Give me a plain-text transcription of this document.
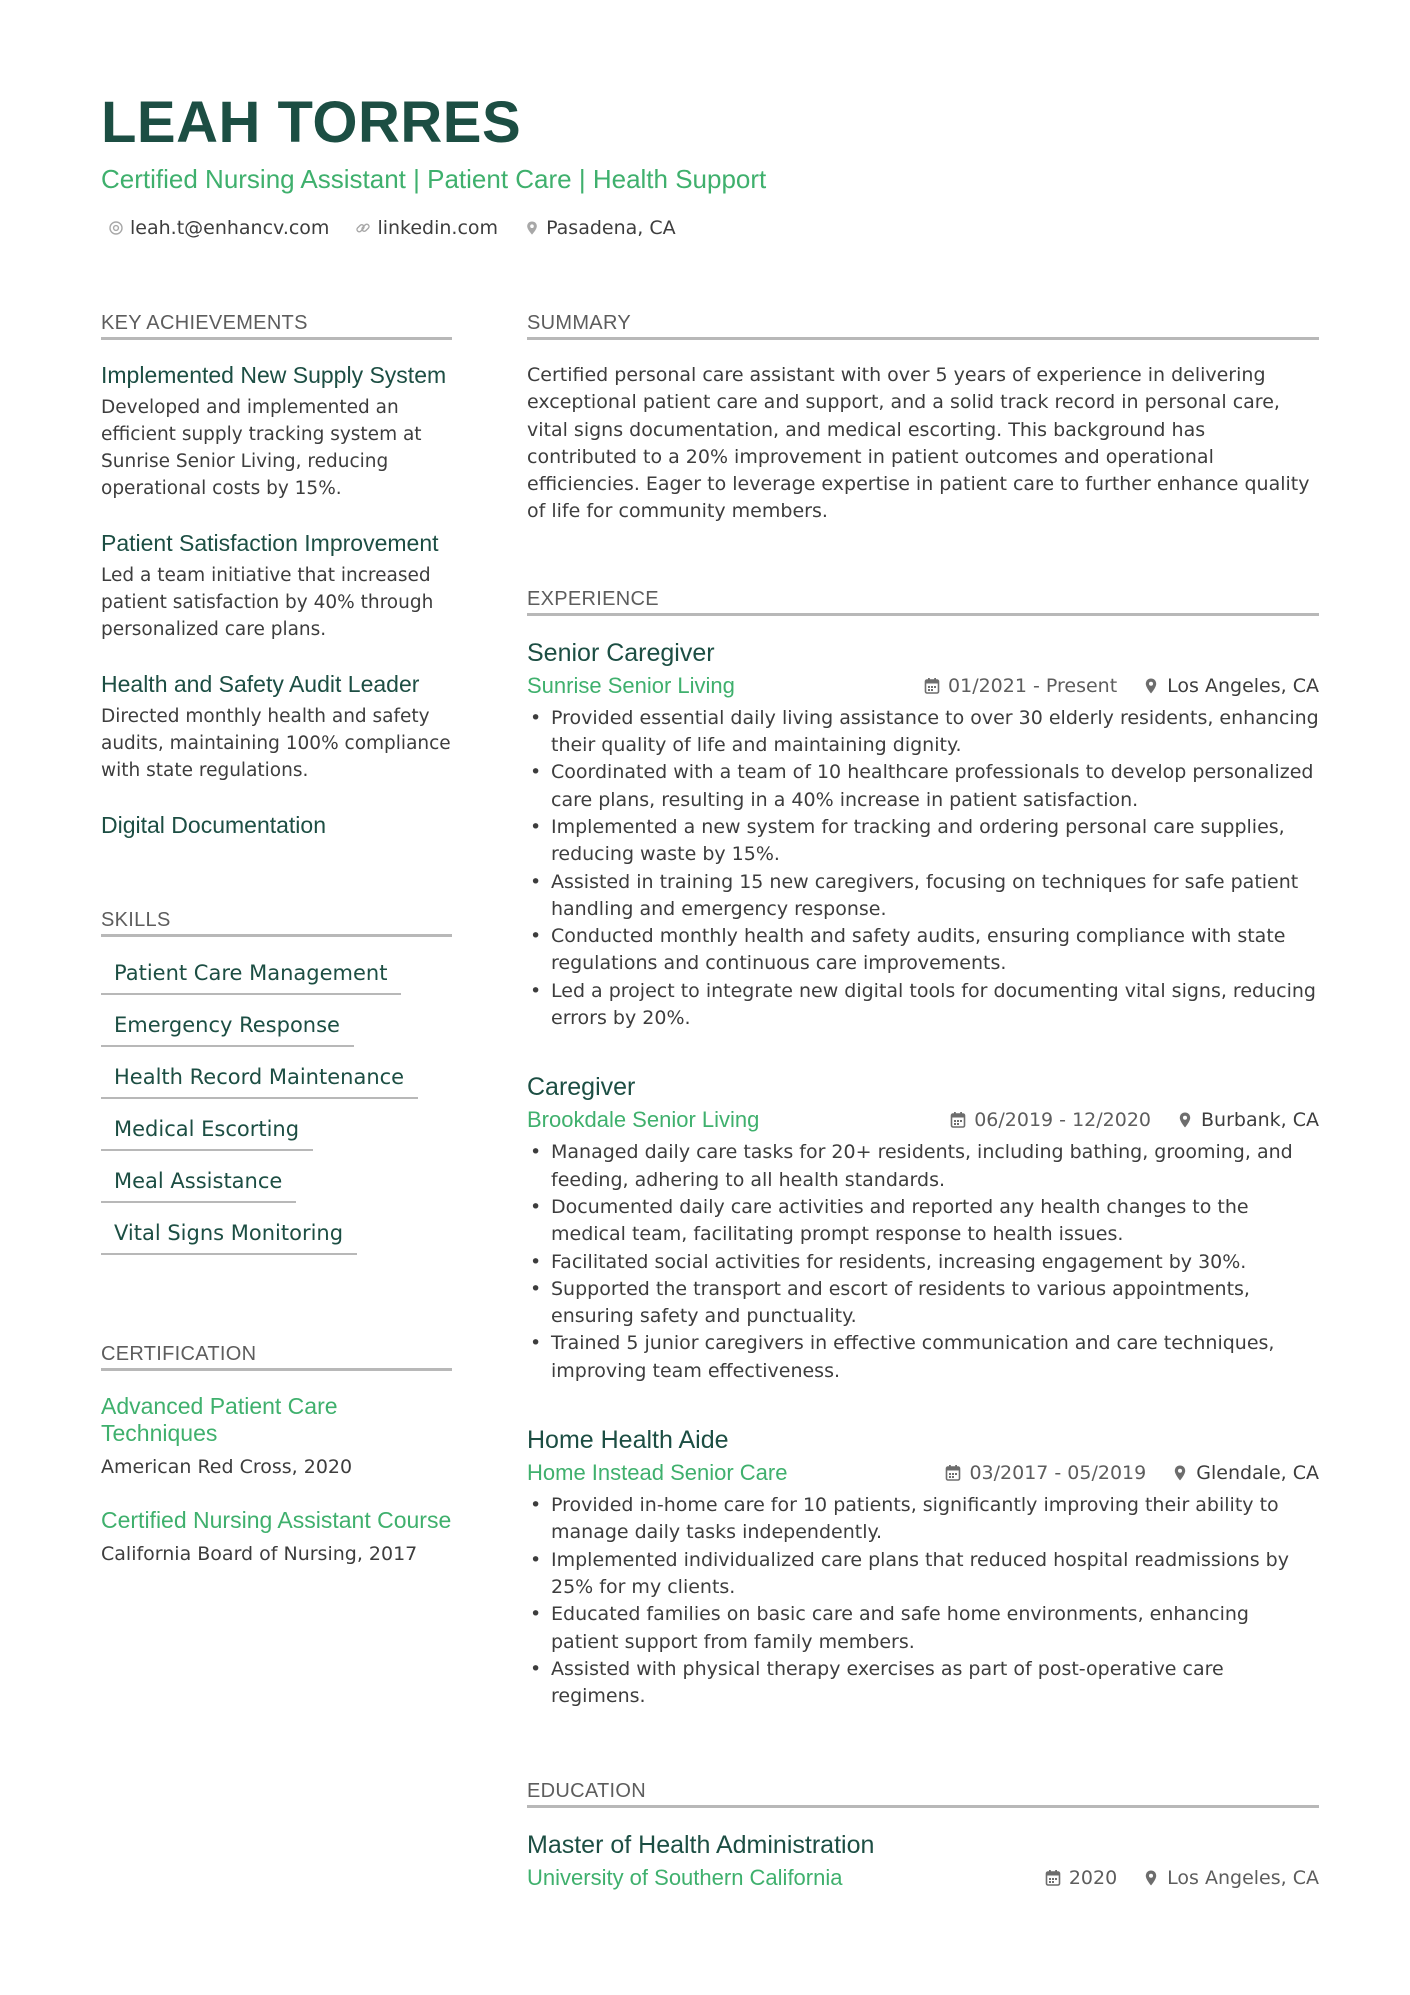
LEAH TORRES
Certified Nursing Assistant | Patient Care | Health Support
leah.t@enhancv.com	linkedin.com	Pasadena, CA
KEY ACHIEVEMENTS
Implemented New Supply System
Developed and implemented an efficient supply tracking system at Sunrise Senior Living, reducing operational costs by 15%.
Patient Satisfaction Improvement
Led a team initiative that increased patient satisfaction by 40% through personalized care plans.
Health and Safety Audit Leader
Directed monthly health and safety audits, maintaining 100% compliance with state regulations.
Digital Documentation
SKILLS
Patient Care Management
Emergency Response
Health Record Maintenance
Medical Escorting
Meal Assistance
Vital Signs Monitoring
CERTIFICATION
Advanced Patient Care Techniques
American Red Cross, 2020
Certified Nursing Assistant Course
California Board of Nursing, 2017
SUMMARY

Certified personal care assistant with over 5 years of experience in delivering exceptional patient care and support, and a solid track record in personal care, vital signs documentation, and medical escorting. This background has contributed to a 20% improvement in patient outcomes and operational efficiencies. Eager to leverage expertise in patient care to further enhance quality of life for community members.

EXPERIENCE
Senior Caregiver
Sunrise Senior Living	01/2021 - Present	Los Angeles, CA
• Provided essential daily living assistance to over 30 elderly residents, enhancing their quality of life and maintaining dignity.
• Coordinated with a team of 10 healthcare professionals to develop personalized care plans, resulting in a 40% increase in patient satisfaction.
• Implemented a new system for tracking and ordering personal care supplies, reducing waste by 15%.
• Assisted in training 15 new caregivers, focusing on techniques for safe patient handling and emergency response.
• Conducted monthly health and safety audits, ensuring compliance with state regulations and continuous care improvements.
• Led a project to integrate new digital tools for documenting vital signs, reducing errors by 20%.
Caregiver
Brookdale Senior Living	06/2019 - 12/2020	Burbank, CA
• Managed daily care tasks for 20+ residents, including bathing, grooming, and feeding, adhering to all health standards.
• Documented daily care activities and reported any health changes to the medical team, facilitating prompt response to health issues.
• Facilitated social activities for residents, increasing engagement by 30%.
• Supported the transport and escort of residents to various appointments, ensuring safety and punctuality.
• Trained 5 junior caregivers in effective communication and care techniques, improving team effectiveness.
Home Health Aide
Home Instead Senior Care	03/2017 - 05/2019	Glendale, CA
• Provided in-home care for 10 patients, significantly improving their ability to manage daily tasks independently.
• Implemented individualized care plans that reduced hospital readmissions by 25% for my clients.
• Educated families on basic care and safe home environments, enhancing patient support from family members.
• Assisted with physical therapy exercises as part of post-operative care regimens.
EDUCATION
Master of Health Administration
University of Southern California	2020	Los Angeles, CA
